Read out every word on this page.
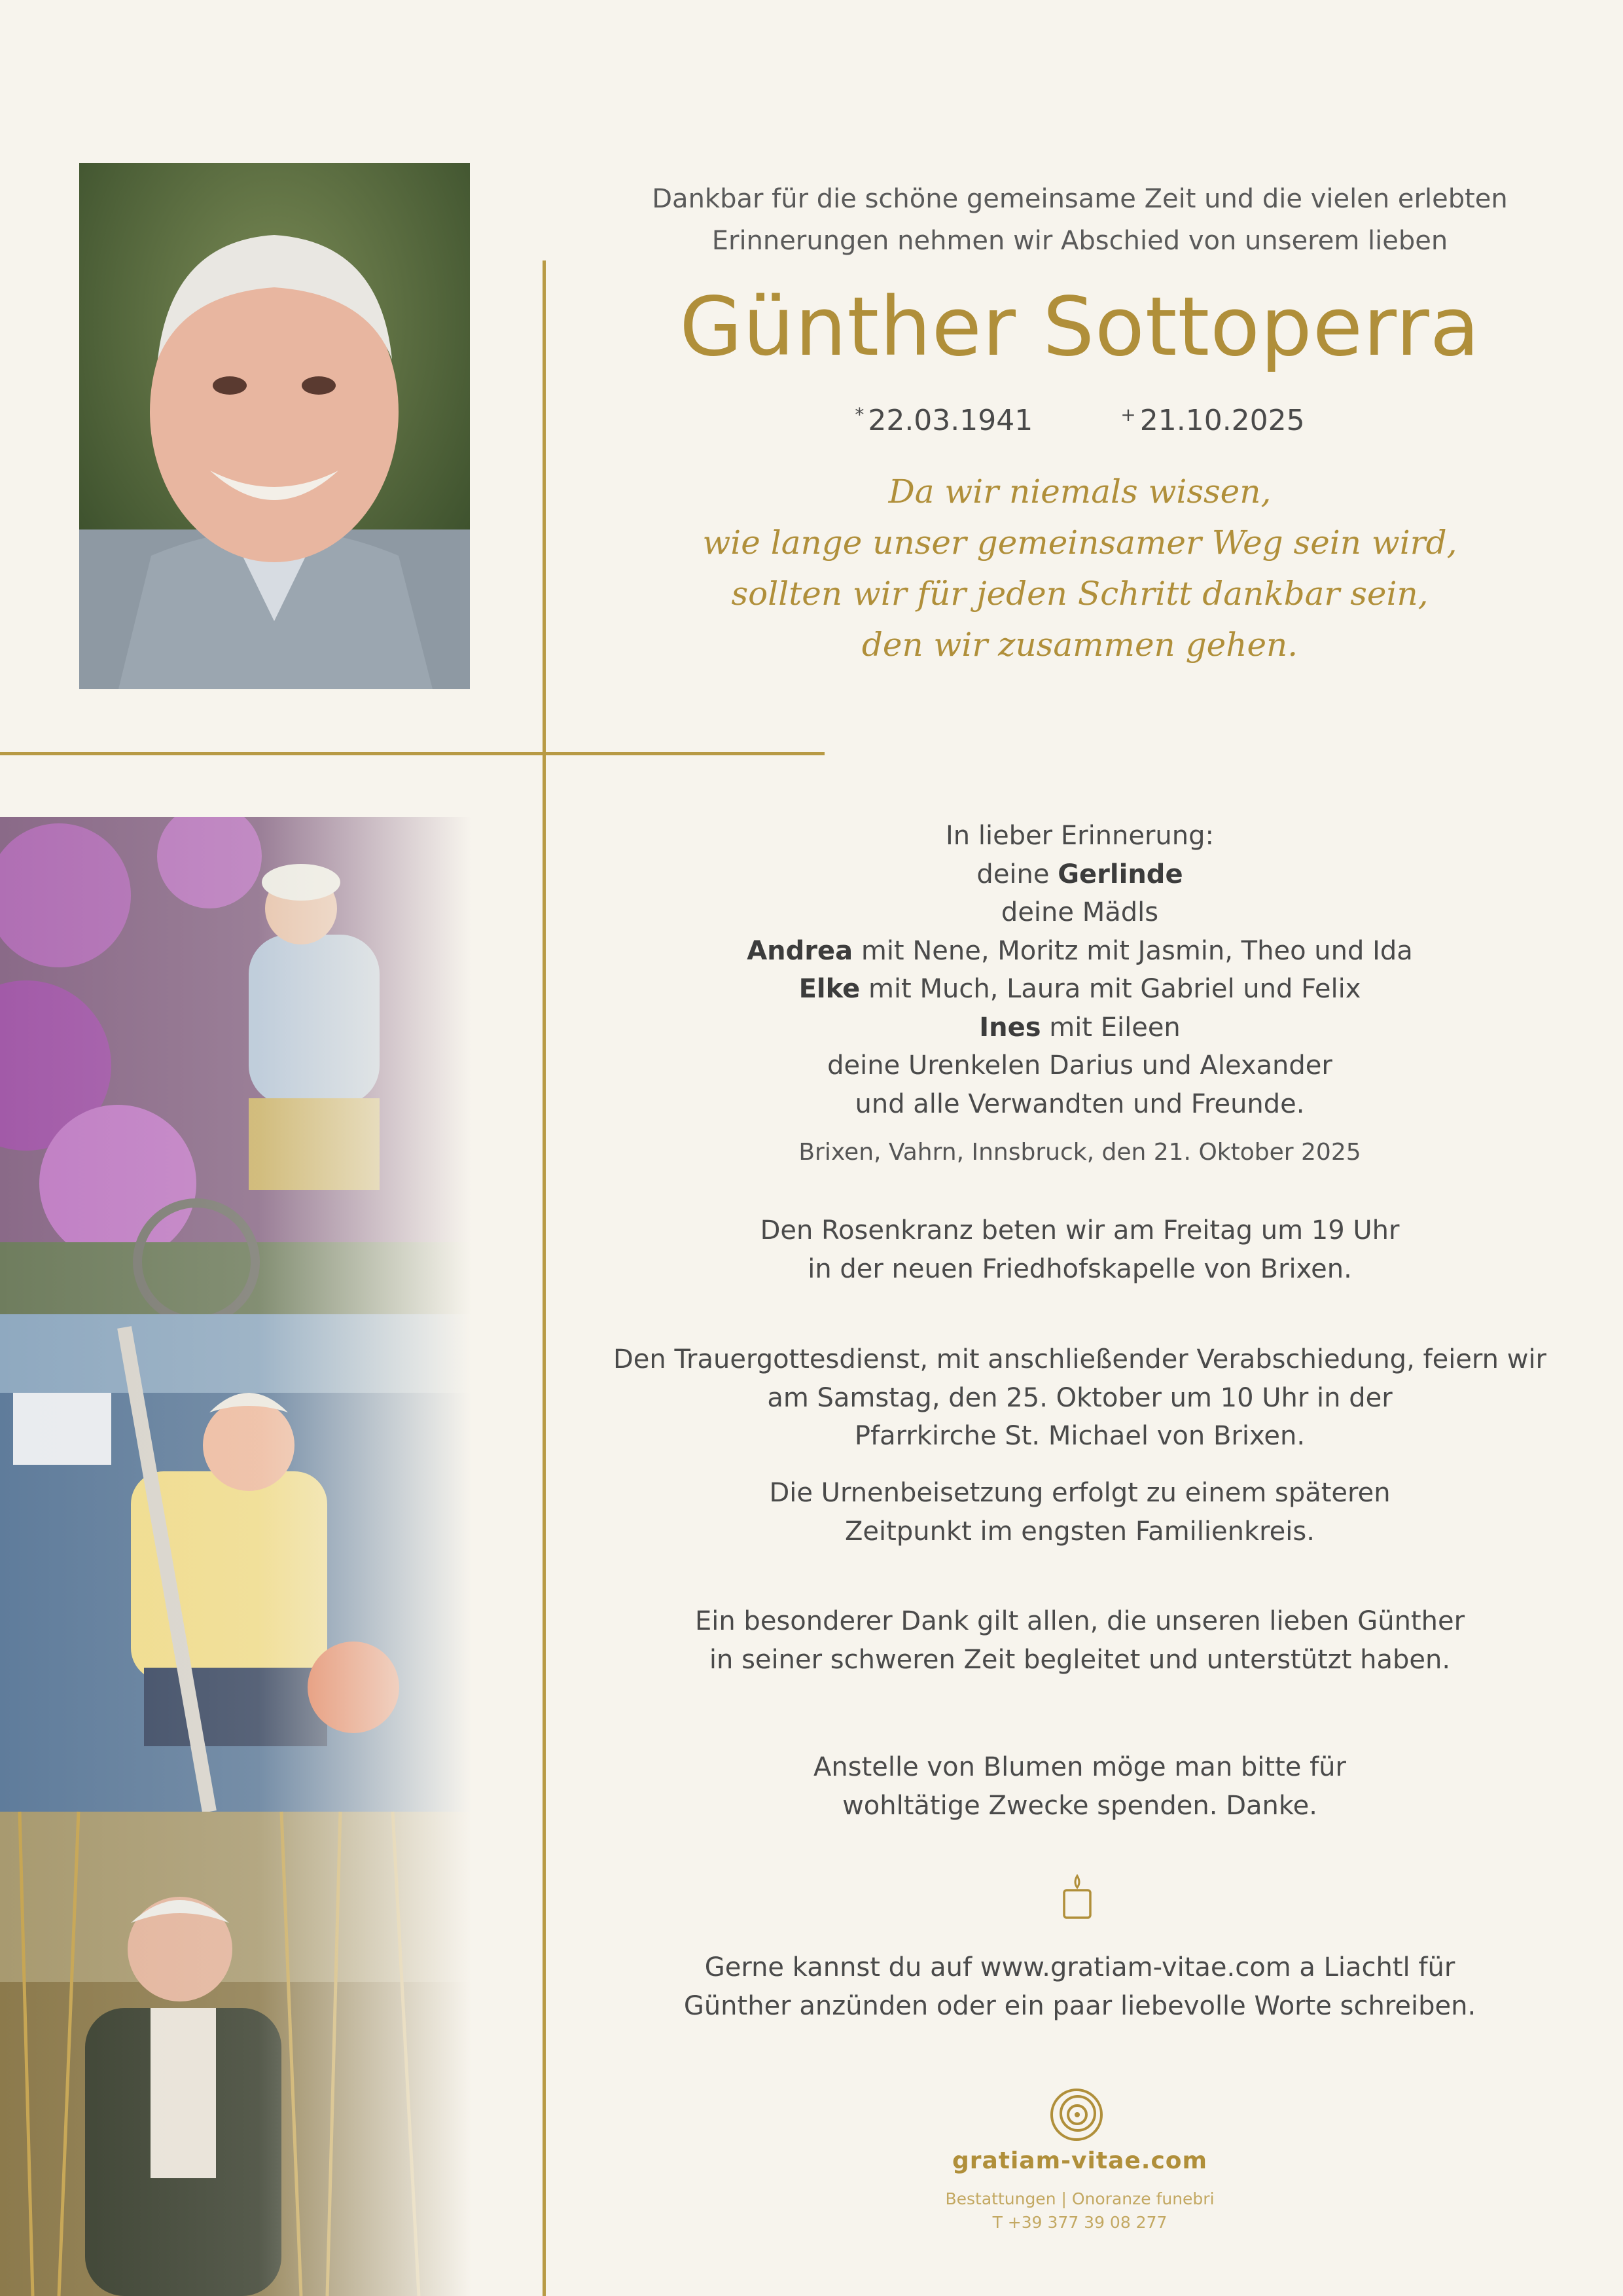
Dankbar für die schöne gemeinsame Zeit und die vielen erlebten
Erinnerungen nehmen wir Abschied von unserem lieben
Günther Sottoperra
* 22.03.1941	+ 21.10.2025
Da wir niemals wissen,
wie lange unser gemeinsamer Weg sein wird,
sollten wir für jeden Schritt dankbar sein,
den wir zusammen gehen.
In lieber Erinnerung:
deine Gerlinde
deine Mädls
Andrea mit Nene, Moritz mit Jasmin, Theo und Ida
Elke mit Much, Laura mit Gabriel und Felix
Ines mit Eileen
deine Urenkelen Darius und Alexander
und alle Verwandten und Freunde.
Brixen, Vahrn, Innsbruck, den 21. Oktober 2025
Den Rosenkranz beten wir am Freitag um 19 Uhr
in der neuen Friedhofskapelle von Brixen.
Den Trauergottesdienst, mit anschließender Verabschiedung, feiern wir
am Samstag, den 25. Oktober um 10 Uhr in der
Pfarrkirche St. Michael von Brixen.
Die Urnenbeisetzung erfolgt zu einem späteren
Zeitpunkt im engsten Familienkreis.
Ein besonderer Dank gilt allen, die unseren lieben Günther
in seiner schweren Zeit begleitet und unterstützt haben.
Anstelle von Blumen möge man bitte für
wohltätige Zwecke spenden. Danke.
Gerne kannst du auf www.gratiam-vitae.com a Liachtl für
Günther anzünden oder ein paar liebevolle Worte schreiben.
gratiam-vitae.com
Bestattungen | Onoranze funebri
T +39 377 39 08 277
